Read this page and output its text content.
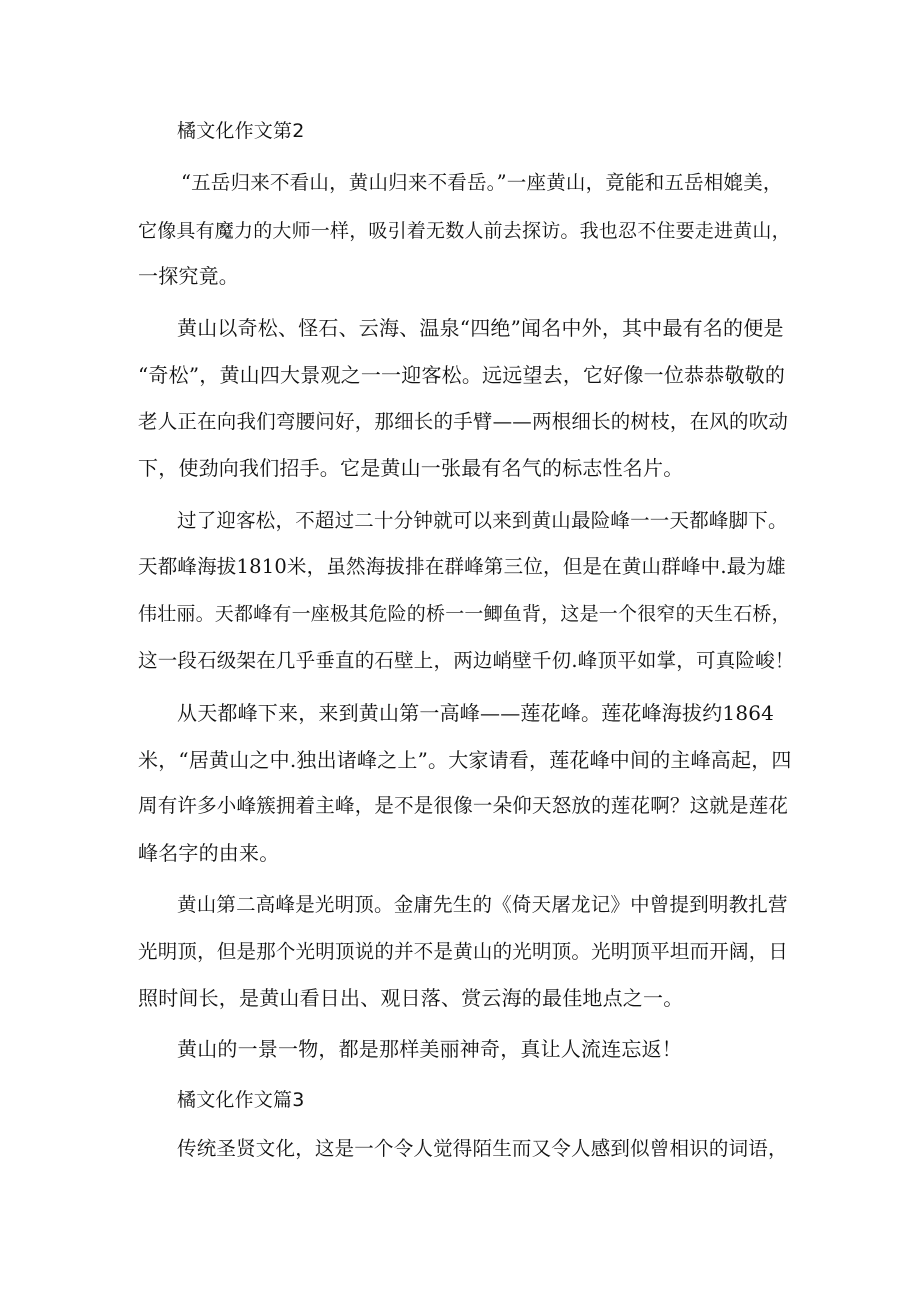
橘文化作文第2
“五岳归来不看山，黄山归来不看岳。”一座黄山，竟能和五岳相媲美，
它像具有魔力的大师一样，吸引着无数人前去探访。我也忍不住要走进黄山，
一探究竟。
黄山以奇松、怪石、云海、温泉“四绝”闻名中外，其中最有名的便是
“奇松”，黄山四大景观之一一迎客松。远远望去，它好像一位恭恭敬敬的
老人正在向我们弯腰问好，那细长的手臂——两根细长的树枝，在风的吹动
下，使劲向我们招手。它是黄山一张最有名气的标志性名片。
过了迎客松，不超过二十分钟就可以来到黄山最险峰一一天都峰脚下。
天都峰海拔1810米，虽然海拔排在群峰第三位，但是在黄山群峰中.最为雄
伟壮丽。天都峰有一座极其危险的桥一一鲫鱼背，这是一个很窄的天生石桥，
这一段石级架在几乎垂直的石壁上，两边峭壁千仞.峰顶平如掌，可真险峻！
从天都峰下来，来到黄山第一高峰——莲花峰。莲花峰海拔约1864
米，“居黄山之中.独出诸峰之上”。大家请看，莲花峰中间的主峰高起，四
周有许多小峰簇拥着主峰，是不是很像一朵仰天怒放的莲花啊？这就是莲花
峰名字的由来。
黄山第二高峰是光明顶。金庸先生的《倚天屠龙记》中曾提到明教扎营
光明顶，但是那个光明顶说的并不是黄山的光明顶。光明顶平坦而开阔，日
照时间长，是黄山看日出、观日落、赏云海的最佳地点之一。
黄山的一景一物，都是那样美丽神奇，真让人流连忘返！
橘文化作文篇3
传统圣贤文化，这是一个令人觉得陌生而又令人感到似曾相识的词语，
